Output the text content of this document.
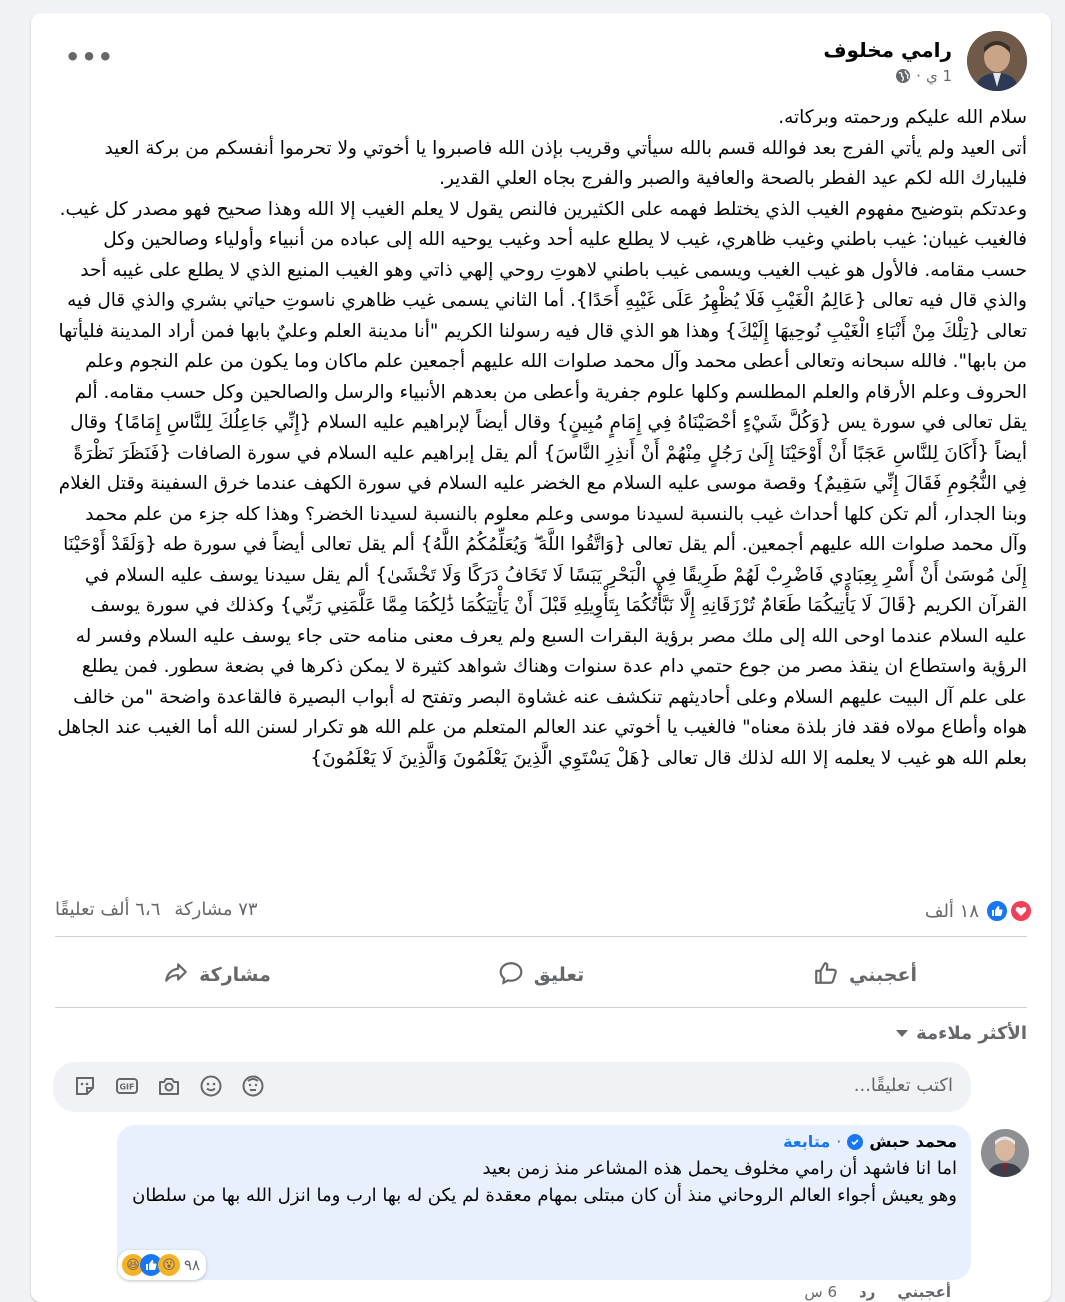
رامي مخلوف
1 ي
·
•••

سلام الله عليكم ورحمته وبركاته.

أتى العيد ولم يأتي الفرج بعد فوالله قسم بالله سيأتي وقريب بإذن الله فاصبروا يا أخوتي ولا تحرموا أنفسكم من بركة العيد فليبارك الله لكم عيد الفطر بالصحة والعافية والصبر والفرج بجاه العلي القدير.

وعدتكم بتوضيح مفهوم الغيب الذي يختلط فهمه على الكثيرين فالنص يقول لا يعلم الغيب إلا الله وهذا صحيح فهو مصدر كل غيب. فالغيب غيبان: غيب باطني وغيب ظاهري، غيب لا يطلع عليه أحد وغيب يوحيه الله إلى عباده من أنبياء وأولياء وصالحين وكل حسب مقامه. فالأول هو غيب الغيب ويسمى غيب باطني لاهوتِ روحي إلهي ذاتي وهو الغيب المنيع الذي لا يطلع على غيبه أحد والذي قال فيه تعالى {عَالِمُ الْغَيْبِ فَلَا يُظْهِرُ عَلَى غَيْبِهِ أَحَدًا}. أما الثاني يسمى غيب ظاهري ناسوتِ حياتي بشري والذي قال فيه تعالى {تِلْكَ مِنْ أَنْبَاءِ الْغَيْبِ نُوحِيهَا إِلَيْكَ} وهذا هو الذي قال فيه رسولنا الكريم "أنا مدينة العلم وعليٌ بابها فمن أراد المدينة فليأتها من بابها". فالله سبحانه وتعالى أعطى محمد وآل محمد صلوات الله عليهم أجمعين علم ماكان وما يكون من علم النجوم وعلم الحروف وعلم الأرقام والعلم المطلسم وكلها علوم جفرية وأعطى من بعدهم الأنبياء والرسل والصالحين وكل حسب مقامه. ألم يقل تعالى في سورة يس {وَكُلَّ شَيْءٍ أحْصَيْنَاهُ فِي إِمَامٍ مُبِينٍ} وقال أيضاً لإبراهيم عليه السلام {إِنِّي جَاعِلُكَ لِلنَّاسِ إِمَامًا} وقال أيضاً {أَكَانَ لِلنَّاسِ عَجَبًا أَنْ أَوْحَيْنَا إِلَىٰ رَجُلٍ مِنْهُمْ أَنْ أَنذِرِ النَّاسَ} ألم يقل إبراهيم عليه السلام في سورة الصافات {فَنَظَرَ نَظْرَةً فِي النُّجُومِ فَقَالَ إِنِّي سَقِيمٌ} وقصة موسى عليه السلام مع الخضر عليه السلام في سورة الكهف عندما خرق السفينة وقتل الغلام وبنا الجدار، ألم تكن كلها أحداث غيب بالنسبة لسيدنا موسى وعلم معلوم بالنسبة لسيدنا الخضر؟ وهذا كله جزء من علم محمد وآل محمد صلوات الله عليهم أجمعين. ألم يقل تعالى {وَاتَّقُوا اللَّهَ ۖ وَيُعَلِّمُكُمُ اللَّهُ} ألم يقل تعالى أيضاً في سورة طه {وَلَقَدْ أَوْحَيْنَا إِلَىٰ مُوسَىٰ أَنْ أَسْرِ بِعِبَادِي فَاضْرِبْ لَهُمْ طَرِيقًا فِي الْبَحْرِ يَبَسًا لَا تَخَافُ دَرَكًا وَلَا تَخْشَىٰ} ألم يقل سيدنا يوسف عليه السلام في القرآن الكريم {قَالَ لَا يَأْتِيكُمَا طَعَامٌ تُرْزَقَانِهِ إِلَّا نَبَّأْتُكُمَا بِتَأْوِيلِهِ قَبْلَ أَنْ يَأْتِيَكُمَا ذَٰلِكُمَا مِمَّا عَلَّمَنِي رَبِّي} وكذلك في سورة يوسف عليه السلام عندما اوحى الله إلى ملك مصر برؤية البقرات السبع ولم يعرف معنى منامه حتى جاء يوسف عليه السلام وفسر له الرؤية واستطاع ان ينقذ مصر من جوع حتمي دام عدة سنوات وهناك شواهد كثيرة لا يمكن ذكرها في بضعة سطور. فمن يطلع على علم آل البيت عليهم السلام وعلى أحاديثهم تنكشف عنه غشاوة البصر وتفتح له أبواب البصيرة فالقاعدة واضحة "من خالف هواه وأطاع مولاه فقد فاز بلذة معناه" فالغيب يا أخوتي عند العالم المتعلم من علم الله هو تكرار لسنن الله أما الغيب عند الجاهل بعلم الله هو غيب لا يعلمه إلا الله لذلك قال تعالى {هَلْ يَسْتَوِي الَّذِينَ يَعْلَمُونَ وَالَّذِينَ لَا يَعْلَمُونَ}

١٨ ألف
٧٣ مشاركة
٦،٦ ألف تعليقًا
أعجبني
تعليق
مشاركة
الأكثر ملاءمة
اكتب تعليقًا...
GIF
محمد حبش
·
متابعة
اما انا فاشهد أن رامي مخلوف يحمل هذه المشاعر منذ زمن بعيد
وهو يعيش أجواء العالم الروحاني منذ أن كان مبتلى بمهام معقدة لم يكن له بها ارب وما انزل الله بها من سلطان
😆	😮 ٩٨
أعجبني
رد
6 س
